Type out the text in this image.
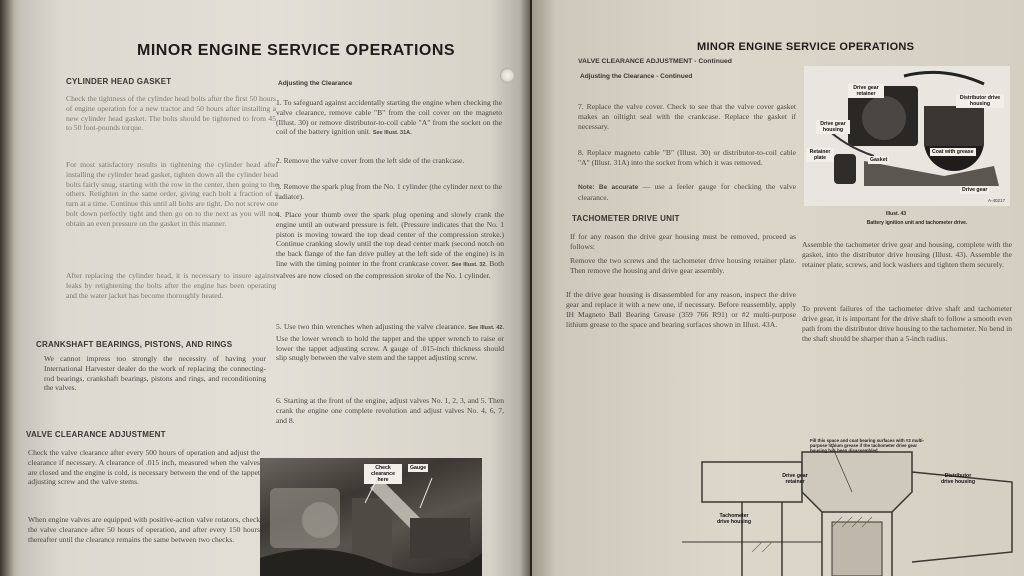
MINOR ENGINE SERVICE OPERATIONS
CYLINDER HEAD GASKET
Check the tightness of the cylinder head bolts after the first 50 hours of engine operation for a new tractor and 50 hours after installing a new cylinder head gasket. The bolts should be tightened to from 45 to 50 foot-pounds torque.
For most satisfactory results in tightening the cylinder head after installing the cylinder head gasket, tighten down all the cylinder head bolts fairly snug, starting with the row in the center, then going to the others. Retighten in the same order, giving each bolt a fraction of a turn at a time. Continue this until all bolts are tight. Do not screw one bolt down perfectly tight and then go on to the next as you will not obtain an even pressure on the gasket in this manner.
After replacing the cylinder head, it is necessary to insure against leaks by retightening the bolts after the engine has been operating and the water jacket has become thoroughly heated.
CRANKSHAFT BEARINGS, PISTONS, AND RINGS
We cannot impress too strongly the necessity of having your International Harvester dealer do the work of replacing the connecting-rod bearings, crankshaft bearings, pistons and rings, and reconditioning the valves.
VALVE CLEARANCE ADJUSTMENT
Check the valve clearance after every 500 hours of operation and adjust the clearance if necessary. A clearance of .015 inch, measured when the valves are closed and the engine is cold, is necessary between the end of the tappet adjusting screw and the valve stems.
When engine valves are equipped with positive-action valve rotators, check the valve clearance after 50 hours of operation, and after every 150 hours thereafter until the clearance remains the same between two checks.
Adjusting the Clearance
1. To safeguard against accidentally starting the engine when checking the valve clearance, remove cable "B" from the coil cover on the magneto (Illust. 30) or remove distributor-to-coil cable "A" from the socket on the coil of the battery ignition unit. See Illust. 31A.
2. Remove the valve cover from the left side of the crankcase.
3. Remove the spark plug from the No. 1 cylinder (the cylinder next to the radiator).
4. Place your thumb over the spark plug opening and slowly crank the engine until an outward pressure is felt. (Pressure indicates that the No. 1 piston is moving toward the top dead center of the compression stroke.) Continue cranking slowly until the top dead center mark (second notch on the back flange of the fan drive pulley at the left side of the engine) is in line with the timing pointer in the front crankcase cover. See Illust. 32. Both valves are now closed on the compression stroke of the No. 1 cylinder.
5. Use two thin wrenches when adjusting the valve clearance. See Illust. 42. Use the lower wrench to hold the tappet and the upper wrench to raise or lower the tappet adjusting screw. A gauge of .015-inch thickness should slip snugly between the valve stem and the tappet adjusting screw.
6. Starting at the front of the engine, adjust valves No. 1, 2, 3, and 5. Then crank the engine one complete revolution and adjust valves No. 4, 6, 7, and 8.
Check clearance here
Gauge
MINOR ENGINE SERVICE OPERATIONS
VALVE CLEARANCE ADJUSTMENT - Continued
Adjusting the Clearance - Continued
7. Replace the valve cover. Check to see that the valve cover gasket makes an oiltight seal with the crankcase. Replace the gasket if necessary.
8. Replace magneto cable "B" (Illust. 30) or distributor-to-coil cable "A" (Illust. 31A) into the socket from which it was removed.
Note: Be accurate — use a feeler gauge for checking the valve clearance.
TACHOMETER DRIVE UNIT
If for any reason the drive gear housing must be removed, proceed as follows:
Remove the two screws and the tachometer drive housing retainer plate. Then remove the housing and drive gear assembly.
If the drive gear housing is disassembled for any reason, inspect the drive gear and replace it with a new one, if necessary. Before reassembly, apply IH Magneto Ball Bearing Grease (359 766 R91) or #2 multi-purpose lithium grease to the space and bearing surfaces shown in Illust. 43A.
Assemble the tachometer drive gear and housing, complete with the gasket, into the distributor drive housing (Illust. 43). Assemble the retainer plate, screws, and lock washers and tighten them securely.
To prevent failures of the tachometer drive shaft and tachometer drive gear, it is important for the drive shaft to follow a smooth even path from the distributor drive housing to the tachometer. No bend in the shaft should be sharper than a 5-inch radius.
Drive gear retainer
Distributor drive housing
Drive gear housing
Retainer plate	Gasket
Coat with grease
Drive gear
A-40217
Illust. 43
Battery ignition unit and tachometer drive.
Fill this space and coat bearing surfaces with #2 multi-purpose lithium grease if the tachometer drive gear housing has been disassembled.
Drive gear retainer
Distributor drive housing
Tachometer drive housing
